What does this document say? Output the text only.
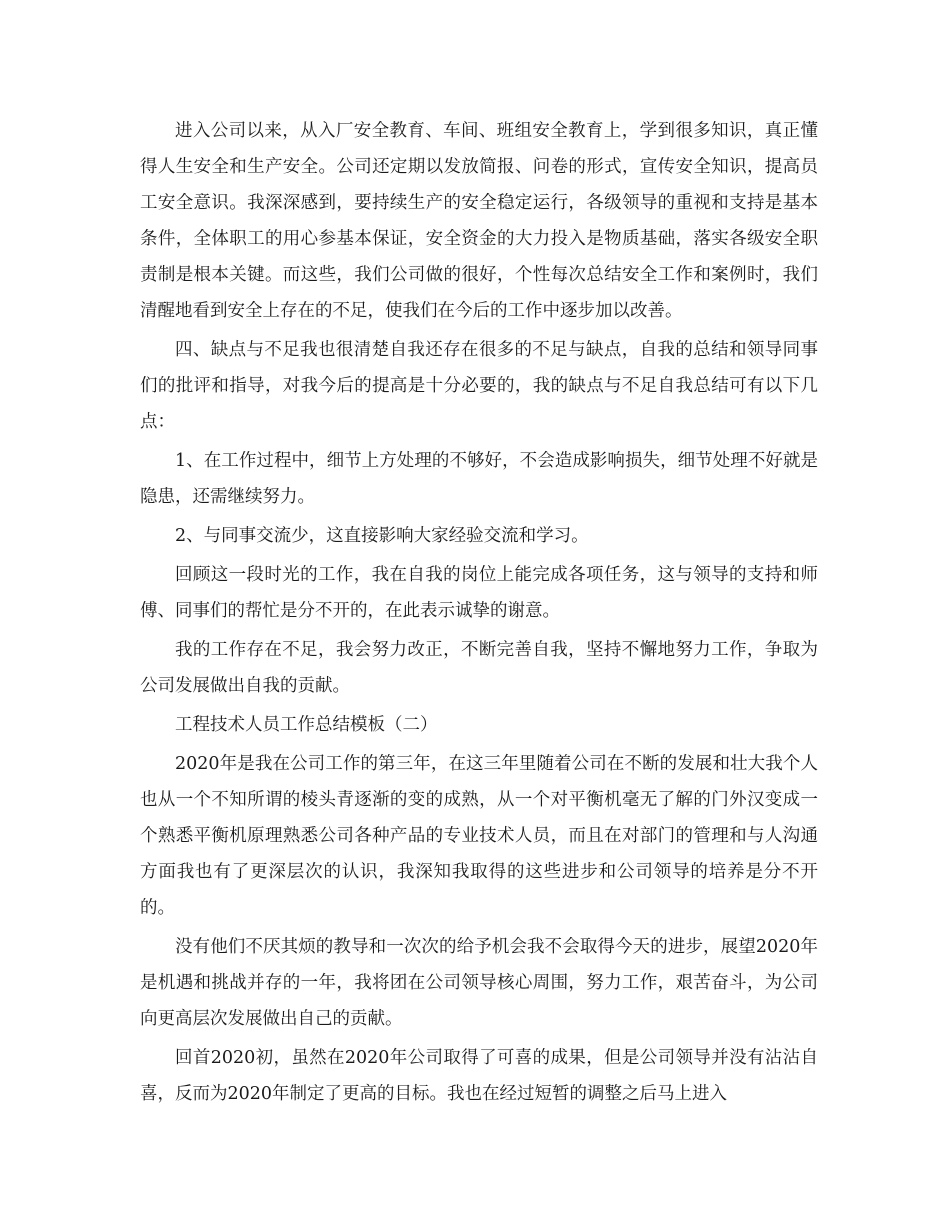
进入公司以来，从入厂安全教育、车间、班组安全教育上，学到很多知识，真正懂得人生安全和生产安全。公司还定期以发放简报、问卷的形式，宣传安全知识，提高员工安全意识。我深深感到，要持续生产的安全稳定运行，各级领导的重视和支持是基本条件，全体职工的用心参基本保证，安全资金的大力投入是物质基础，落实各级安全职责制是根本关键。而这些，我们公司做的很好，个性每次总结安全工作和案例时，我们清醒地看到安全上存在的不足，使我们在今后的工作中逐步加以改善。

四、缺点与不足我也很清楚自我还存在很多的不足与缺点，自我的总结和领导同事们的批评和指导，对我今后的提高是十分必要的，我的缺点与不足自我总结可有以下几点：

1、在工作过程中，细节上方处理的不够好，不会造成影响损失，细节处理不好就是隐患，还需继续努力。

2、与同事交流少，这直接影响大家经验交流和学习。

回顾这一段时光的工作，我在自我的岗位上能完成各项任务，这与领导的支持和师傅、同事们的帮忙是分不开的，在此表示诚挚的谢意。

我的工作存在不足，我会努力改正，不断完善自我，坚持不懈地努力工作，争取为公司发展做出自我的贡献。

工程技术人员工作总结模板（二）

2020年是我在公司工作的第三年，在这三年里随着公司在不断的发展和壮大我个人也从一个不知所谓的棱头青逐渐的变的成熟，从一个对平衡机毫无了解的门外汉变成一个熟悉平衡机原理熟悉公司各种产品的专业技术人员，而且在对部门的管理和与人沟通方面我也有了更深层次的认识，我深知我取得的这些进步和公司领导的培养是分不开的。

没有他们不厌其烦的教导和一次次的给予机会我不会取得今天的进步，展望2020年是机遇和挑战并存的一年，我将团在公司领导核心周围，努力工作，艰苦奋斗，为公司向更高层次发展做出自己的贡献。

回首2020初，虽然在2020年公司取得了可喜的成果，但是公司领导并没有沾沾自喜，反而为2020年制定了更高的目标。我也在经过短暂的调整之后马上进入
